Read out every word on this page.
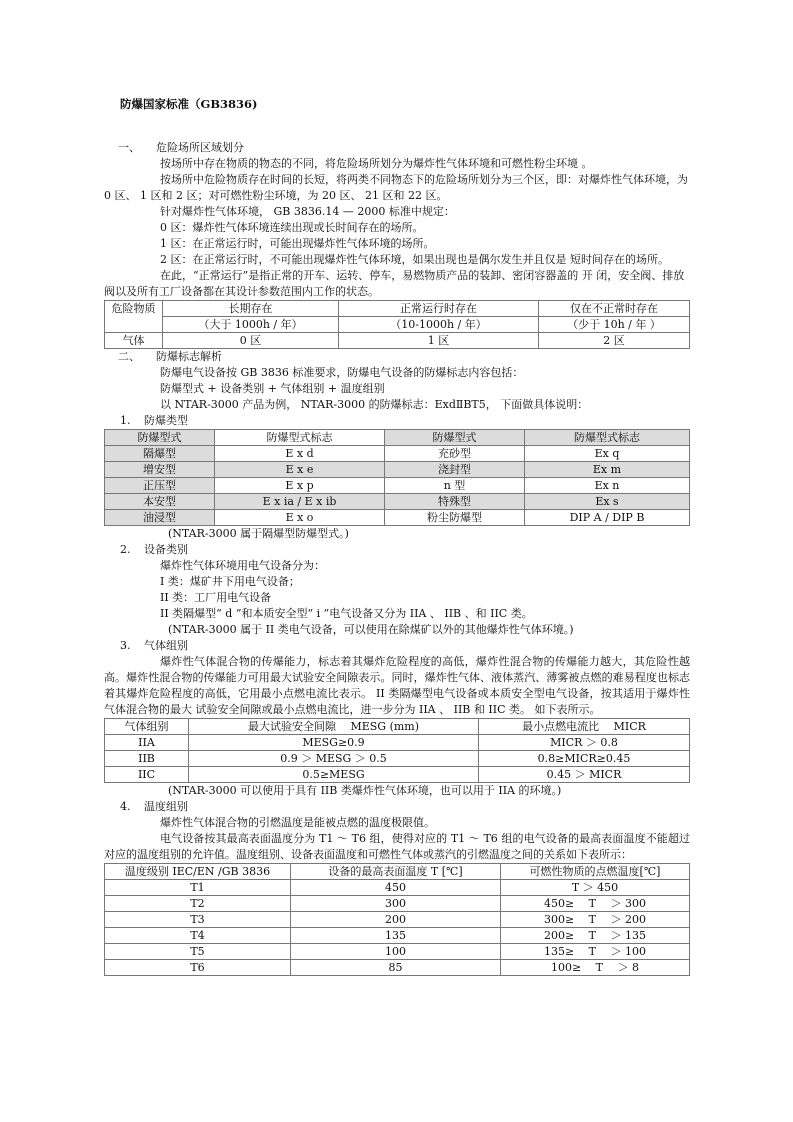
防爆国家标准（GB3836)

一、 危险场所区域划分

按场所中存在物质的物态的不同，将危险场所划分为爆炸性气体环境和可燃性粉尘环境 。

按场所中危险物质存在时间的长短，将两类不同物态下的危险场所划分为三个区，即：对爆炸性气体环境，为 0 区、 1 区和 2 区；对可燃性粉尘环境，为 20 区、 21 区和 22 区。

针对爆炸性气体环境， GB 3836.14 — 2000 标准中规定：

0 区：爆炸性气体环境连续出现或长时间存在的场所。

1 区：在正常运行时，可能出现爆炸性气体环境的场所。

2 区：在正常运行时，不可能出现爆炸性气体环境，如果出现也是偶尔发生并且仅是 短时间存在的场所。

在此，“正常运行”是指正常的开车、运转、停车，易燃物质产品的装卸、密闭容器盖的 开 闭，安全阀、排放阀以及所有工厂设备都在其设计参数范围内工作的状态。

危险物质	长期存在	正常运行时存在	仅在不正常时存在
	（大于 1000h / 年）	（10-1000h / 年）	（少于 10h / 年 ）
气体	0 区	1 区	2 区

二、 防爆标志解析

防爆电气设备按 GB 3836 标准要求，防爆电气设备的防爆标志内容包括：

防爆型式 + 设备类别 + 气体组别 + 温度组别

以 NTAR-3000 产品为例， NTAR-3000 的防爆标志：ExdⅡBT5， 下面做具体说明：

1. 防爆类型

防爆型式	防爆型式标志	防爆型式	防爆型式标志
隔爆型	E x d	充砂型	Ex q
增安型	E x e	浇封型	Ex m
正压型	E x p	n 型	Ex n
本安型	E x ia / E x ib	特殊型	Ex s
油浸型	E x o	粉尘防爆型	DIP A / DIP B

(NTAR-3000 属于隔爆型防爆型式。)

2. 设备类别

爆炸性气体环境用电气设备分为：

I 类：煤矿井下用电气设备；

II 类：工厂用电气设备

II 类隔爆型“ d ”和本质安全型“ i ”电气设备又分为 IIA 、 IIB 、和 IIC 类。

(NTAR-3000 属于 II 类电气设备，可以使用在除煤矿以外的其他爆炸性气体环境。)

3. 气体组别

爆炸性气体混合物的传爆能力，标志着其爆炸危险程度的高低，爆炸性混合物的传爆能力越大，其危险性越高。爆炸性混合物的传爆能力可用最大试验安全间隙表示。同时，爆炸性气体、液体蒸汽、薄雾被点燃的难易程度也标志着其爆炸危险程度的高低，它用最小点燃电流比表示。 II 类隔爆型电气设备或本质安全型电气设备，按其适用于爆炸性气体混合物的最大 试验安全间隙或最小点燃电流比，进一步分为 IIA 、 IIB 和 IIC 类。 如下表所示。

气体组别	最大试验安全间隙　 MESG (mm)	最小点燃电流比　 MICR
IIA	MESG≥0.9	MICR ＞ 0.8
IIB	0.9 ＞ MESG ＞ 0.5	0.8≥MICR≥0.45
IIC	0.5≥MESG	0.45 ＞ MICR

(NTAR-3000 可以使用于具有 IIB 类爆炸性气体环境，也可以用于 IIA 的环境。)

4. 温度组别

爆炸性气体混合物的引燃温度是能被点燃的温度极限值。

电气设备按其最高表面温度分为 T1 ～ T6 组，使得对应的 T1 ～ T6 组的电气设备的最高表面温度不能超过对应的温度组别的允许值。温度组别、设备表面温度和可燃性气体或蒸汽的引燃温度之间的关系如下表所示：

温度级别 IEC/EN /GB 3836	设备的最高表面温度 T [℃]	可燃性物质的点燃温度[℃]
T1	450	T ＞ 450
T2	300	450≥　 T　 ＞ 300
T3	200	300≥　 T　 ＞ 200
T4	135	200≥　 T　 ＞ 135
T5	100	135≥　 T　 ＞ 100
T6	85	100≥　 T　 ＞ 8
